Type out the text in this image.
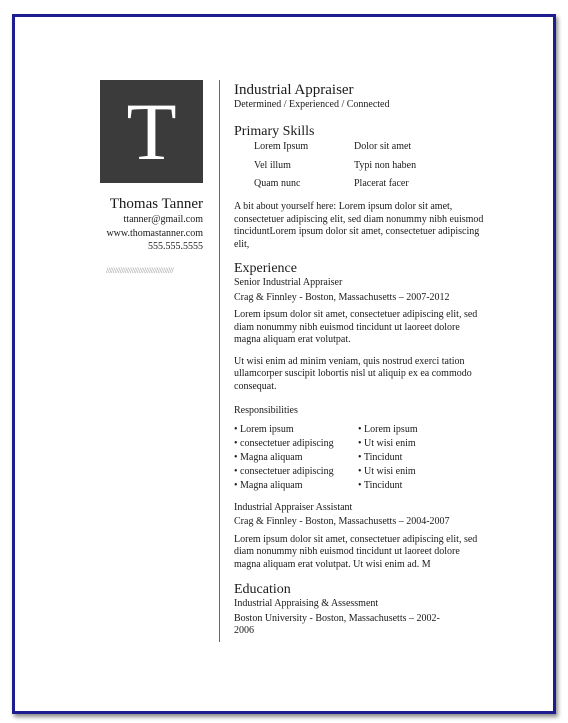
T
Thomas Tanner
ttanner@gmail.com
www.thomastanner.com
555.555.5555
///////////////////////////////////////
Industrial Appraiser
Determined / Experienced / Connected
Primary Skills
Lorem Ipsum
Vel illum
Quam nunc
Dolor sit amet
Typi non haben
Placerat facer
A bit about yourself here: Lorem ipsum dolor sit amet, consectetuer adipiscing elit, sed diam nonummy nibh euismod tinciduntLorem ipsum dolor sit amet, consectetuer adipiscing elit,
Experience
Senior Industrial Appraiser
Crag & Finnley - Boston, Massachusetts – 2007-2012
Lorem ipsum dolor sit amet, consectetuer adipiscing elit, sed diam nonummy nibh euismod tincidunt ut laoreet dolore magna aliquam erat volutpat.
Ut wisi enim ad minim veniam, quis nostrud exerci tation ullamcorper suscipit lobortis nisl ut aliquip ex ea commodo consequat.
Responsibilities
• Lorem ipsum
• consectetuer adipiscing
• Magna aliquam
• consectetuer adipiscing
• Magna aliquam
• Lorem ipsum
• Ut wisi enim
• Tincidunt
• Ut wisi enim
• Tincidunt
Industrial Appraiser Assistant
Crag & Finnley - Boston, Massachusetts – 2004-2007
Lorem ipsum dolor sit amet, consectetuer adipiscing elit, sed diam nonummy nibh euismod tincidunt ut laoreet dolore magna aliquam erat volutpat. Ut wisi enim ad. M
Education
Industrial Appraising & Assessment
Boston University - Boston, Massachusetts – 2002-2006
